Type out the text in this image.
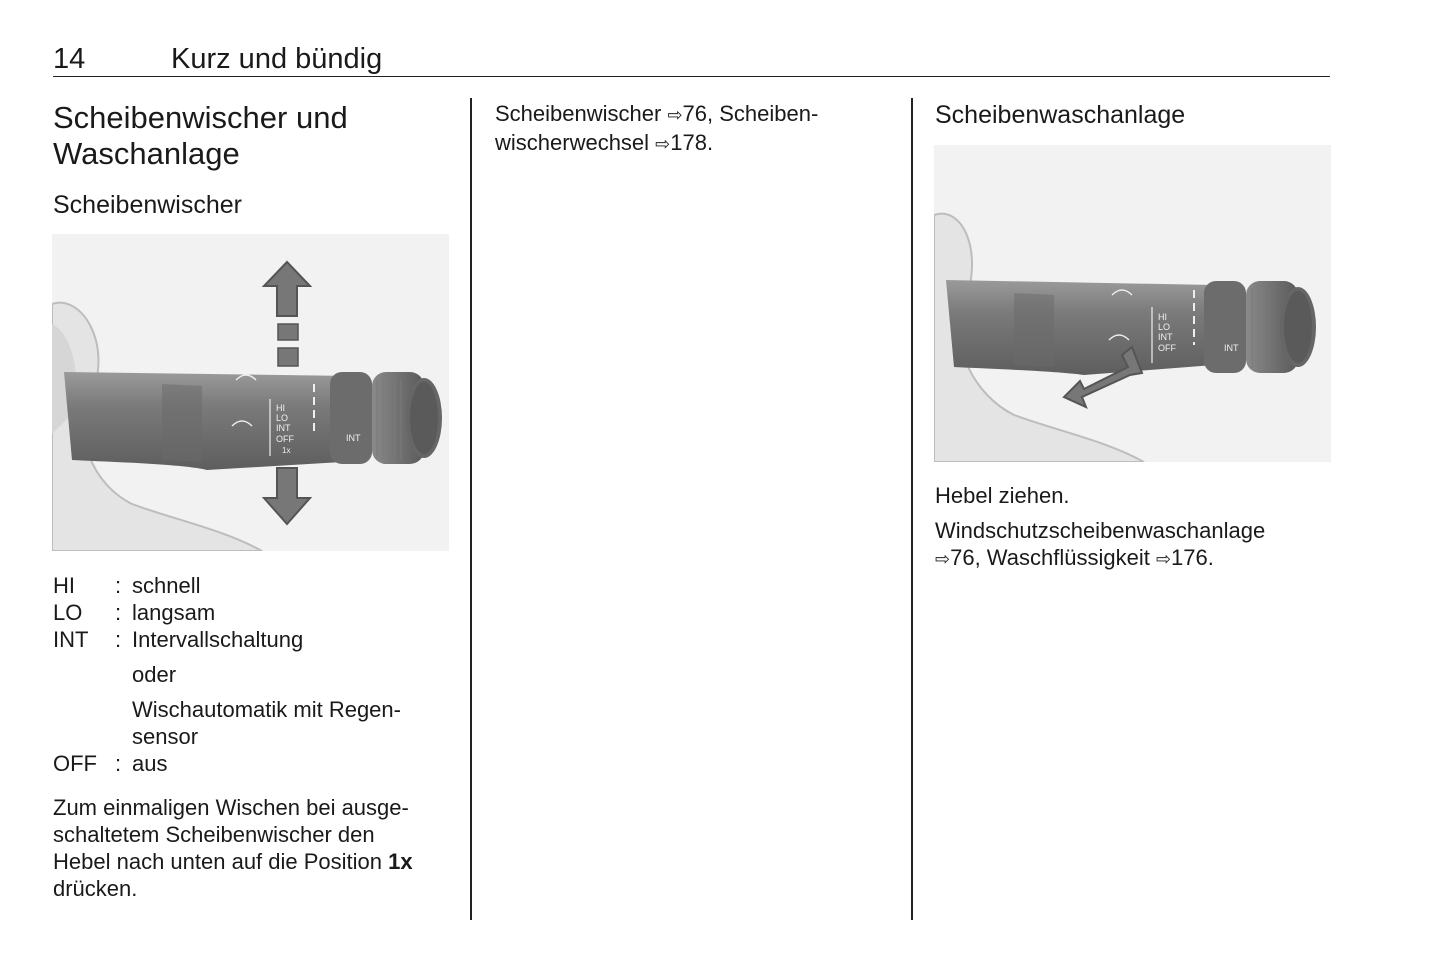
14	Kurz und bündig
Scheibenwischer und
Waschanlage
Scheibenwischer
HI
LO
INT
OFF
1x
INT
HI : schnell
LO : langsam
INT : Intervallschaltung
oder
Wischautomatik mit Regen-
sensor
OFF : aus

Zum einmaligen Wischen bei ausge-
schaltetem Scheibenwischer den
Hebel nach unten auf die Position 1x
drücken.

Scheibenwischer ⇨76, Scheiben-
wischerwechsel ⇨178.

Scheibenwaschanlage
HI
LO
INT
OFF	INT

Hebel ziehen.

Windschutzscheibenwaschanlage
⇨76, Waschflüssigkeit ⇨176.
